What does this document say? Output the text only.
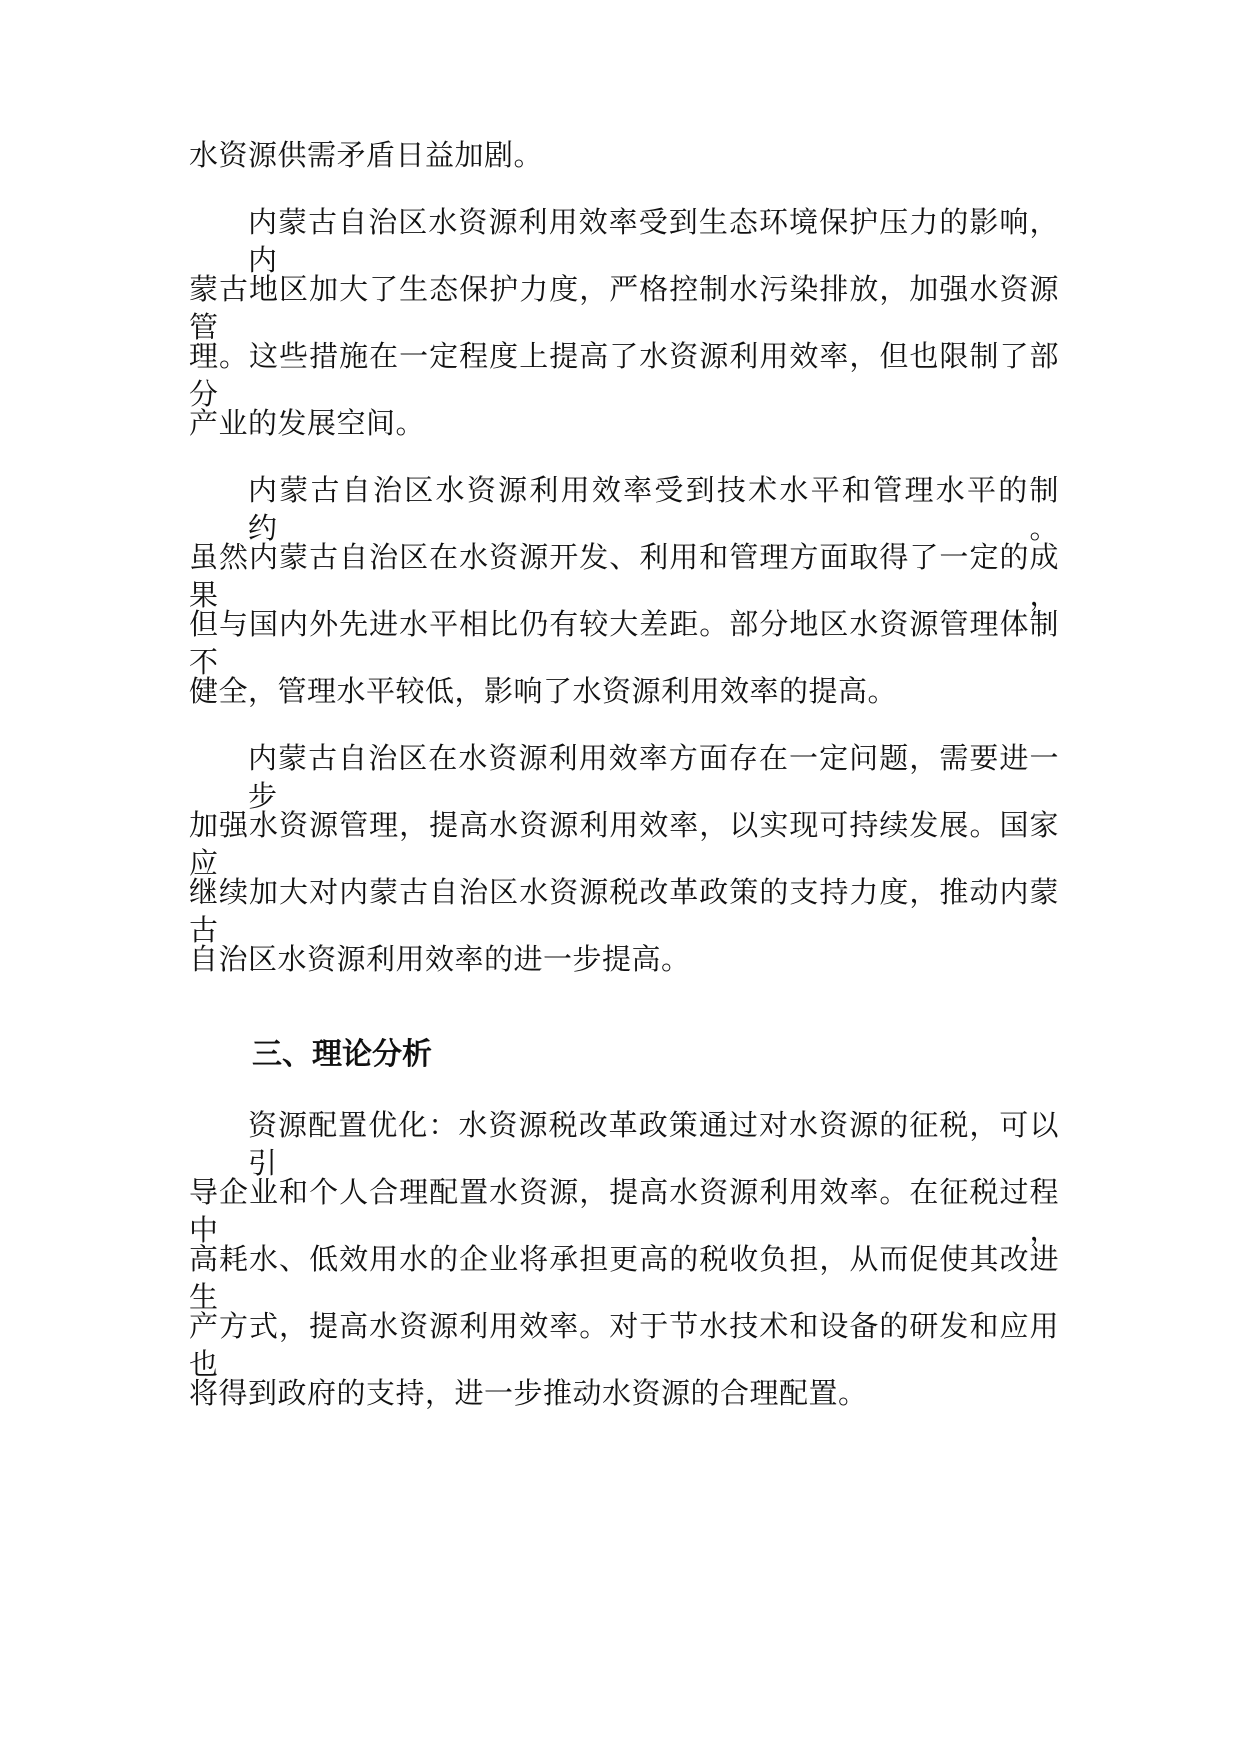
水资源供需矛盾日益加剧。
内蒙古自治区水资源利用效率受到生态环境保护压力的影响，内
蒙古地区加大了生态保护力度，严格控制水污染排放，加强水资源管
理。这些措施在一定程度上提高了水资源利用效率，但也限制了部分
产业的发展空间。
内蒙古自治区水资源利用效率受到技术水平和管理水平的制约。
虽然内蒙古自治区在水资源开发、利用和管理方面取得了一定的成果，
但与国内外先进水平相比仍有较大差距。部分地区水资源管理体制不
健全，管理水平较低，影响了水资源利用效率的提高。
内蒙古自治区在水资源利用效率方面存在一定问题，需要进一步
加强水资源管理，提高水资源利用效率，以实现可持续发展。国家应
继续加大对内蒙古自治区水资源税改革政策的支持力度，推动内蒙古
自治区水资源利用效率的进一步提高。
三、理论分析
资源配置优化：水资源税改革政策通过对水资源的征税，可以引
导企业和个人合理配置水资源，提高水资源利用效率。在征税过程中，
高耗水、低效用水的企业将承担更高的税收负担，从而促使其改进生
产方式，提高水资源利用效率。对于节水技术和设备的研发和应用也
将得到政府的支持，进一步推动水资源的合理配置。
